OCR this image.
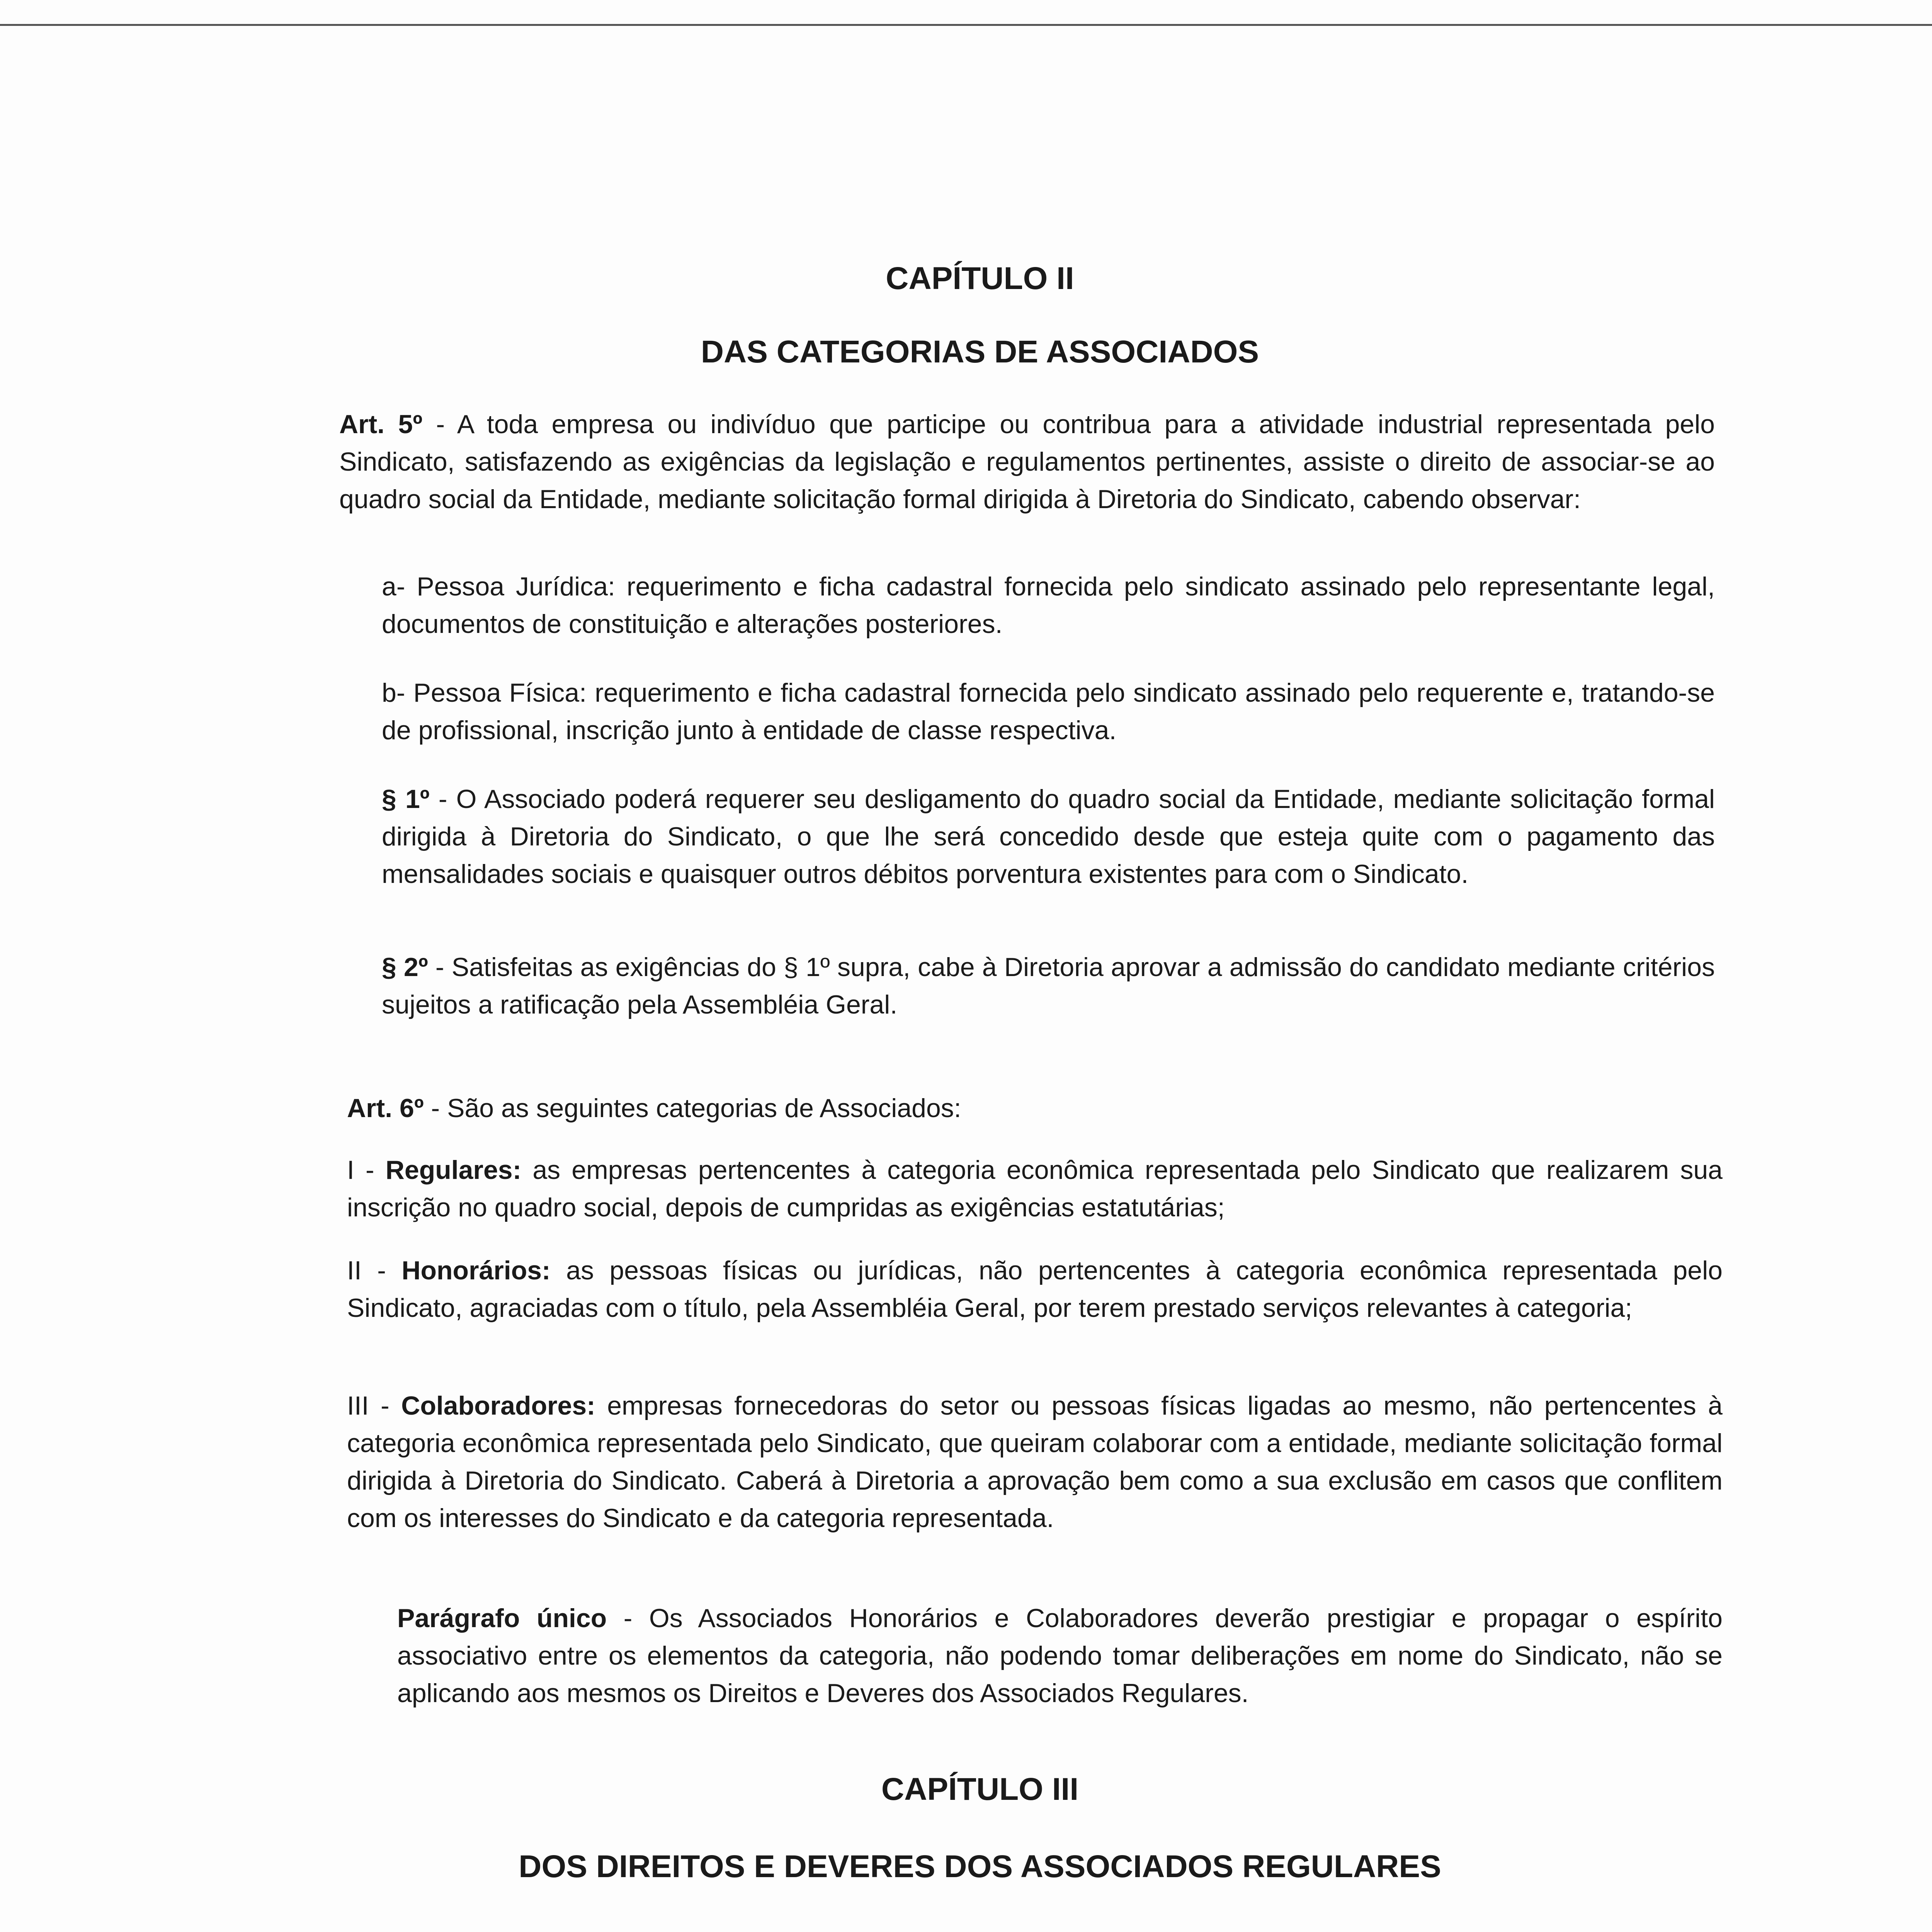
CAPÍTULO II
DAS CATEGORIAS DE ASSOCIADOS

Art. 5º - A toda empresa ou indivíduo que participe ou contribua para a atividade industrial representada pelo Sindicato, satisfazendo as exigências da legislação e regulamentos pertinentes, assiste o direito de associar-se ao quadro social da Entidade, mediante solicitação formal dirigida à Diretoria do Sindicato, cabendo observar:

a- Pessoa Jurídica: requerimento e ficha cadastral fornecida pelo sindicato assinado pelo representante legal, documentos de constituição e alterações posteriores.

b- Pessoa Física: requerimento e ficha cadastral fornecida pelo sindicato assinado pelo requerente e, tratando-se de profissional, inscrição junto à entidade de classe respectiva.

§ 1º - O Associado poderá requerer seu desligamento do quadro social da Entidade, mediante solicitação formal dirigida à Diretoria do Sindicato, o que lhe será concedido desde que esteja quite com o pagamento das mensalidades sociais e quaisquer outros débitos porventura existentes para com o Sindicato.

§ 2º - Satisfeitas as exigências do § 1º supra, cabe à Diretoria aprovar a admissão do candidato mediante critérios sujeitos a ratificação pela Assembléia Geral.

Art. 6º - São as seguintes categorias de Associados:

I - Regulares: as empresas pertencentes à categoria econômica representada pelo Sindicato que realizarem sua inscrição no quadro social, depois de cumpridas as exigências estatutárias;

II - Honorários: as pessoas físicas ou jurídicas, não pertencentes à categoria econômica representada pelo Sindicato, agraciadas com o título, pela Assembléia Geral, por terem prestado serviços relevantes à categoria;

III - Colaboradores: empresas fornecedoras do setor ou pessoas físicas ligadas ao mesmo, não pertencentes à categoria econômica representada pelo Sindicato, que queiram colaborar com a entidade, mediante solicitação formal dirigida à Diretoria do Sindicato. Caberá à Diretoria a aprovação bem como a sua exclusão em casos que conflitem com os interesses do Sindicato e da categoria representada.

Parágrafo único - Os Associados Honorários e Colaboradores deverão prestigiar e propagar o espírito associativo entre os elementos da categoria, não podendo tomar deliberações em nome do Sindicato, não se aplicando aos mesmos os Direitos e Deveres dos Associados Regulares.

CAPÍTULO III
DOS DIREITOS E DEVERES DOS ASSOCIADOS REGULARES
